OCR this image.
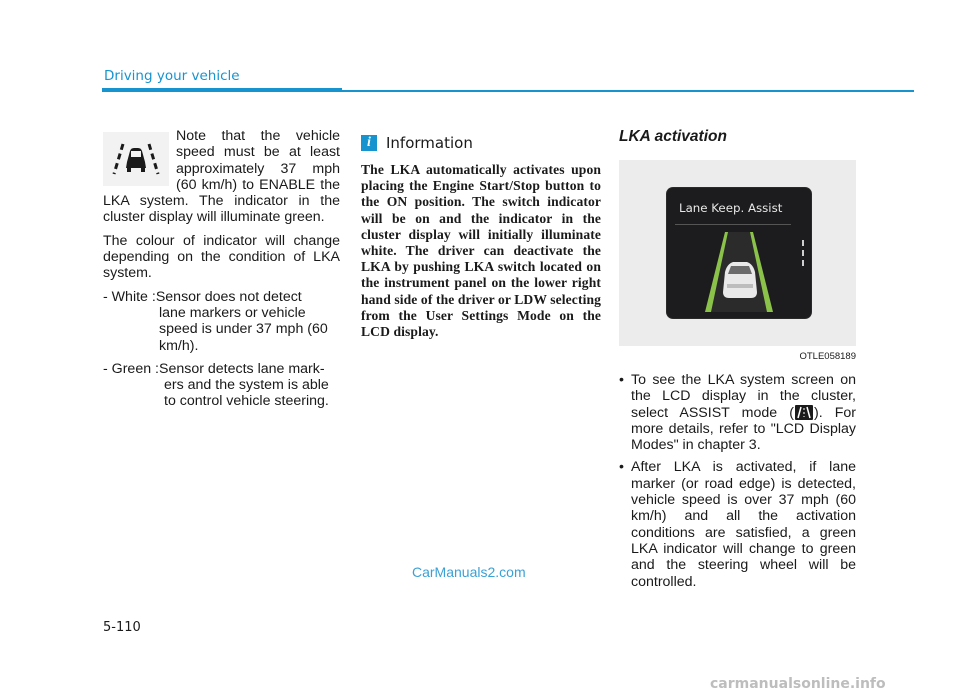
Driving your vehicle

Note that the vehicle speed must be at least approximately 37 mph (60 km/h) to ENABLE the LKA system. The indicator in the cluster display will illuminate green.

The colour of indicator will change depending on the condition of LKA system.

- White : Sensor does not detect
lane markers or vehicle speed is under 37 mph (60 km/h).
- Green : Sensor detects lane mark-
ers and the system is able to control vehicle steering.
i	Information

The LKA automatically activates upon placing the Engine Start/Stop button to the ON position. The switch indicator will be on and the indicator in the cluster display will initially illuminate white. The driver can deactivate the LKA by pushing LKA switch located on the instrument panel on the lower right hand side of the driver or LDW selecting from the User Settings Mode on the LCD display.

LKA activation

Lane Keep. Assist
OTLE058189
• To see the LKA system screen on the LCD display in the cluster, select ASSIST mode ( ). For more details, refer to "LCD Display Modes" in chapter 3.
• After LKA is activated, if lane marker (or road edge) is detected, vehicle speed is over 37 mph (60 km/h) and all the activation conditions are satisfied, a green LKA indicator will change to green and the steering wheel will be controlled.
CarManuals2.com
5-110
carmanualsonline.info
